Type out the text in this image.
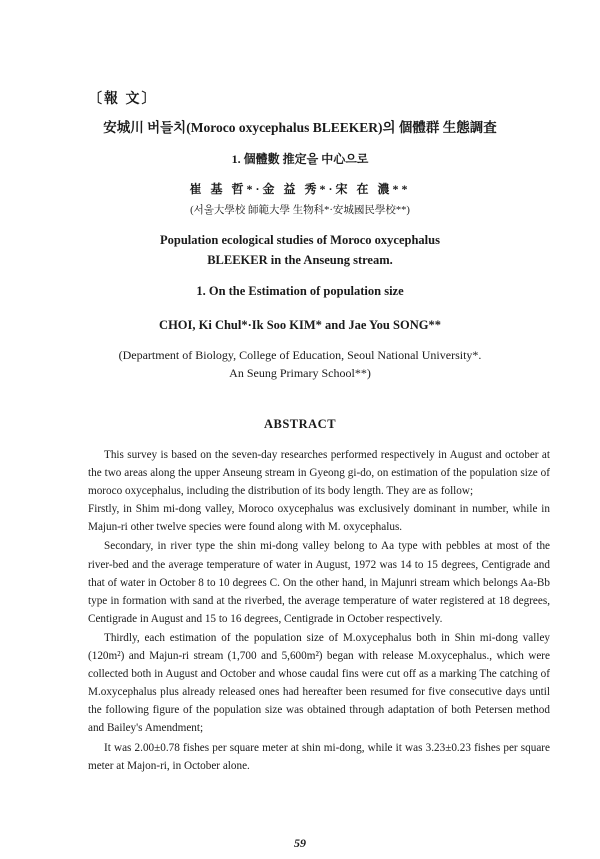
〔報 文〕
安城川 버들치(Moroco oxycephalus BLEEKER)의 個體群 生態調査
1. 個體數 推定을 中心으로
崔 基 哲*·金 益 秀*·宋 在 濃**
(서울大學校 師範大學 生物科*·安城國民學校**)
Population ecological studies of Moroco oxycephalus
BLEEKER in the Anseung stream.
1. On the Estimation of population size
CHOI, Ki Chul*·Ik Soo KIM* and Jae You SONG**
(Department of Biology, College of Education, Seoul National University*.
An Seung Primary School**)
ABSTRACT

This survey is based on the seven-day researches performed respectively in August and october at the two areas along the upper Anseung stream in Gyeong gi-do, on estimation of the population size of moroco oxycephalus, including the distribution of its body length. They are as follow;

Firstly, in Shim mi-dong valley, Moroco oxycephalus was exclusively dominant in number, while in Majun-ri other twelve species were found along with M. oxycephalus.

Secondary, in river type the shin mi-dong valley belong to Aa type with pebbles at most of the river-bed and the average temperature of water in August, 1972 was 14 to 15 degrees, Centigrade and that of water in October 8 to 10 degrees C. On the other hand, in Majunri stream which belongs Aa-Bb type in formation with sand at the riverbed, the average temperature of water registered at 18 degrees, Centigrade in August and 15 to 16 degrees, Centigrade in October respectively.

Thirdly, each estimation of the population size of M.oxycephalus both in Shin mi-dong valley (120m²) and Majun-ri stream (1,700 and 5,600m²) began with release M.oxycephalus., which were collected both in August and October and whose caudal fins were cut off as a marking The catching of M.oxycephalus plus already released ones had hereafter been resumed for five consecutive days until the following figure of the population size was obtained through adaptation of both Petersen method and Bailey's Amendment;

It was 2.00±0.78 fishes per square meter at shin mi-dong, while it was 3.23±0.23 fishes per square meter at Majon-ri, in October alone.

59
